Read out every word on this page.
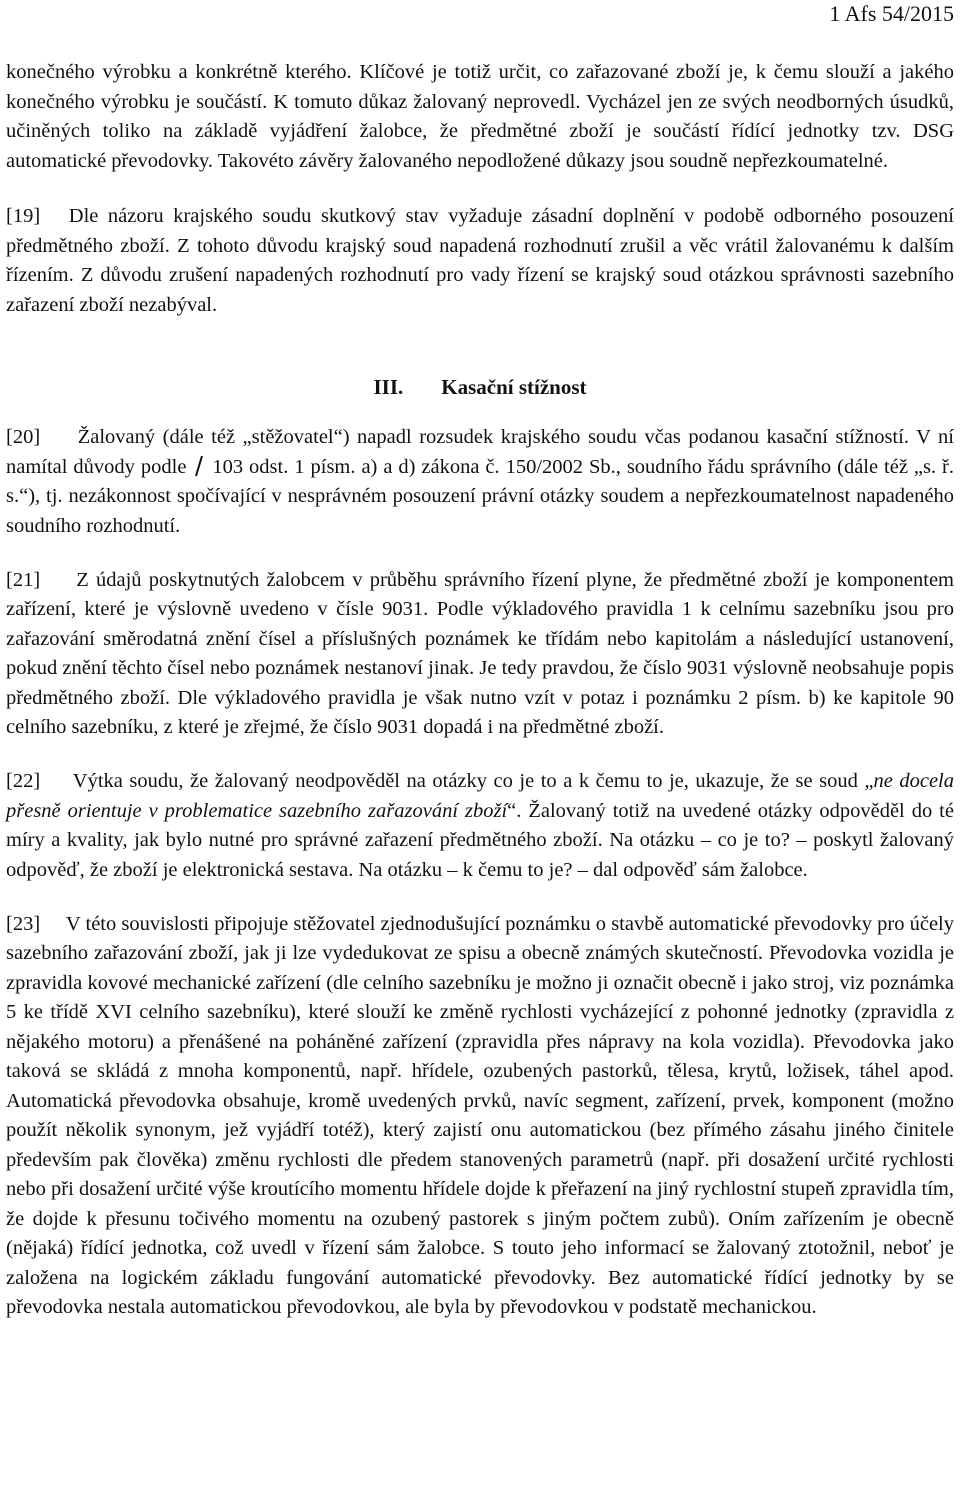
1 Afs 54/2015

konečného výrobku a konkrétně kterého. Klíčové je totiž určit, co zařazované zboží je, k čemu slouží a jakého konečného výrobku je součástí. K tomuto důkaz žalovaný neprovedl. Vycházel jen ze svých neodborných úsudků, učiněných toliko na základě vyjádření žalobce, že předmětné zboží je součástí řídící jednotky tzv. DSG automatické převodovky. Takovéto závěry žalovaného nepodložené důkazy jsou soudně nepřezkoumatelné.

[19] Dle názoru krajského soudu skutkový stav vyžaduje zásadní doplnění v podobě odborného posouzení předmětného zboží. Z tohoto důvodu krajský soud napadená rozhodnutí zrušil a věc vrátil žalovanému k dalším řízením. Z důvodu zrušení napadených rozhodnutí pro vady řízení se krajský soud otázkou správnosti sazebního zařazení zboží nezabýval.

III. Kasační stížnost

[20] Žalovaný (dále též „stěžovatel“) napadl rozsudek krajského soudu včas podanou kasační stížností. V ní namítal důvody podle 103 odst. 1 písm. a) a d) zákona č. 150/2002 Sb., soudního řádu správního (dále též „s. ř. s.“), tj. nezákonnost spočívající v nesprávném posouzení právní otázky soudem a nepřezkoumatelnost napadeného soudního rozhodnutí.

[21] Z údajů poskytnutých žalobcem v průběhu správního řízení plyne, že předmětné zboží je komponentem zařízení, které je výslovně uvedeno v čísle 9031. Podle výkladového pravidla 1 k celnímu sazebníku jsou pro zařazování směrodatná znění čísel a příslušných poznámek ke třídám nebo kapitolám a následující ustanovení, pokud znění těchto čísel nebo poznámek nestanoví jinak. Je tedy pravdou, že číslo 9031 výslovně neobsahuje popis předmětného zboží. Dle výkladového pravidla je však nutno vzít v potaz i poznámku 2 písm. b) ke kapitole 90 celního sazebníku, z které je zřejmé, že číslo 9031 dopadá i na předmětné zboží.

[22] Výtka soudu, že žalovaný neodpověděl na otázky co je to a k čemu to je, ukazuje, že se soud „ne docela přesně orientuje v problematice sazebního zařazování zboží“. Žalovaný totiž na uvedené otázky odpověděl do té míry a kvality, jak bylo nutné pro správné zařazení předmětného zboží. Na otázku – co je to? – poskytl žalovaný odpověď, že zboží je elektronická sestava. Na otázku – k čemu to je? – dal odpověď sám žalobce.

[23] V této souvislosti připojuje stěžovatel zjednodušující poznámku o stavbě automatické převodovky pro účely sazebního zařazování zboží, jak ji lze vydedukovat ze spisu a obecně známých skutečností. Převodovka vozidla je zpravidla kovové mechanické zařízení (dle celního sazebníku je možno ji označit obecně i jako stroj, viz poznámka 5 ke třídě XVI celního sazebníku), které slouží ke změně rychlosti vycházející z pohonné jednotky (zpravidla z nějakého motoru) a přenášené na poháněné zařízení (zpravidla přes nápravy na kola vozidla). Převodovka jako taková se skládá z mnoha komponentů, např. hřídele, ozubených pastorků, tělesa, krytů, ložisek, táhel apod. Automatická převodovka obsahuje, kromě uvedených prvků, navíc segment, zařízení, prvek, komponent (možno použít několik synonym, jež vyjádří totéž), který zajistí onu automatickou (bez přímého zásahu jiného činitele především pak člověka) změnu rychlosti dle předem stanovených parametrů (např. při dosažení určité rychlosti nebo při dosažení určité výše kroutícího momentu hřídele dojde k přeřazení na jiný rychlostní stupeň zpravidla tím, že dojde k přesunu točivého momentu na ozubený pastorek s jiným počtem zubů). Oním zařízením je obecně (nějaká) řídící jednotka, což uvedl v řízení sám žalobce. S touto jeho informací se žalovaný ztotožnil, neboť je založena na logickém základu fungování automatické převodovky. Bez automatické řídící jednotky by se převodovka nestala automatickou převodovkou, ale byla by převodovkou v podstatě mechanickou.
